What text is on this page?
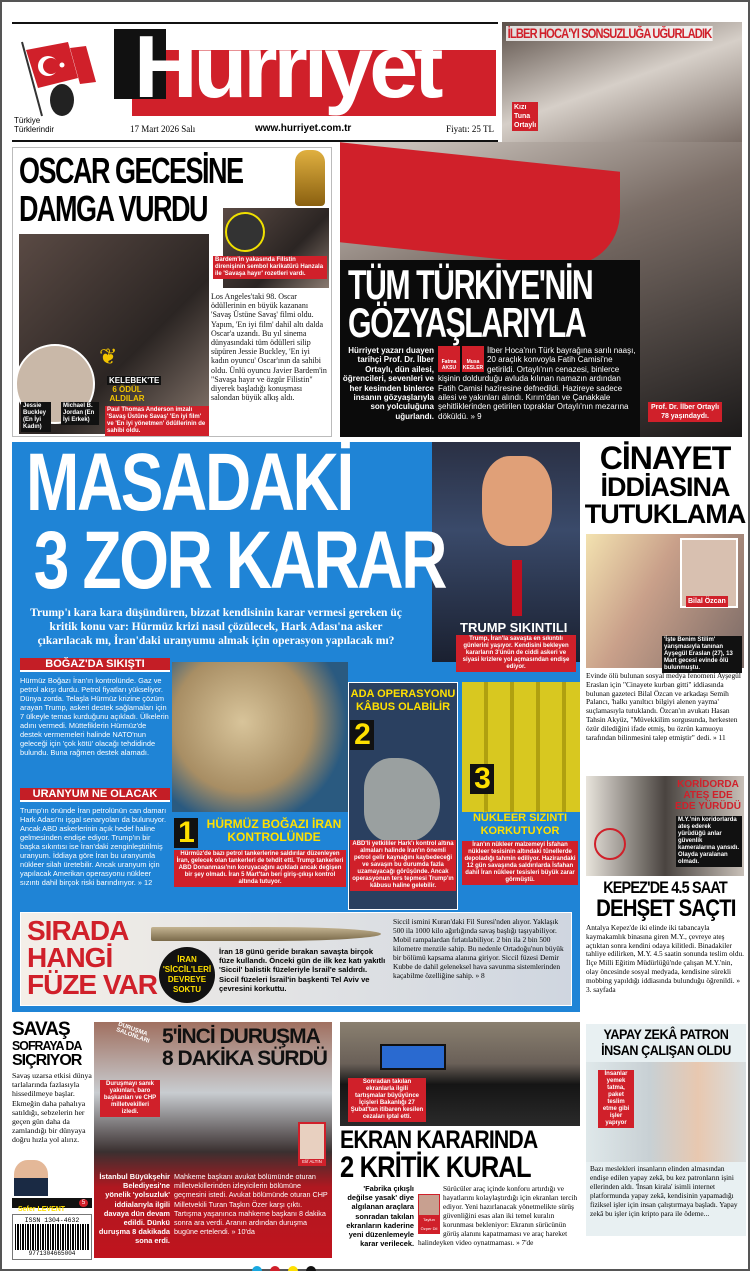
Türkiye Türklerindir
Hürriyet
17 Mart 2026 Salı	www.hurriyet.com.tr	Fiyatı: 25 TL
İLBER HOCA'YI SONSUZLUĞA UĞURLADIK
Kızı Tuna Ortaylı
TÜM TÜRKİYE'NİN
GÖZYAŞLARIYLA
Hürriyet yazarı duayen tarihçi Prof. Dr. İlber Ortaylı, dün ailesi, öğrencileri, sevenleri ve her kesimden binlerce insanın gözyaşlarıyla son yolculuğuna uğurlandı.
Fatma AKSU
Musa KESLER
İlber Hoca'nın Türk bayrağına sarılı naaşı, 20 araçlık konvoyla Fatih Camisi'ne getirildi. Ortaylı'nın cenazesi, binlerce kişinin doldurduğu avluda kılınan namazın ardından Fatih Camisi hazìresine defnedildi. Hazireye sadece ailesi ve yakınları alındı. Kırım'dan ve Çanakkale şehitliklerinden getirilen topraklar Ortaylı'nın mezarına döküldü. » 9
Prof. Dr. İlber Ortaylı 78 yaşındaydı.
OSCAR GECESİNE
DAMGA VURDU
Jessie Buckley (En İyi Kadın)
Michael B. Jordan (En İyi Erkek)
❦
KELEBEK'TE
6 ÖDÜL ALDILAR
Paul Thomas Anderson imzalı 'Savaş Üstüne Savaş' 'En iyi film' ve 'En iyi yönetmen' ödüllerinin de sahibi oldu.
Bardem'in yakasında Filistin direnişinin sembol karikatürü Hanzala ile 'Savaşa hayır' rozetleri vardı.
Los Angeles'taki 98. Oscar ödüllerinin en büyük kazananı 'Savaş Üstüne Savaş' filmi oldu. Yapım, 'En iyi film' dahil altı dalda Oscar'a uzandı. Bu yıl sinema dünyasındaki tüm ödülleri silip süpüren Jessie Buckley, 'En iyi kadın oyuncu' Oscar'ının da sahibi oldu. Ünlü oyuncu Javier Bardem'in "Savaşa hayır ve özgür Filistin" diyerek başladığı konuşması salondan büyük alkış aldı.
MASADAKİ
3 ZOR KARAR
Trump'ı kara kara düşündüren, bizzat kendisinin karar vermesi gereken üç kritik konu var: Hürmüz krizi nasıl çözülecek, Hark Adası'na asker çıkarılacak mı, İran'daki uranyumu almak için operasyon yapılacak mı?
TRUMP SIKINTILI
Trump, İran'la savaşta en sıkıntılı günlerini yaşıyor. Kendisini bekleyen kararların 3'ünün de ciddi askeri ve siyasi krizlere yol açmasından endişe ediyor.
BOĞAZ'DA SIKIŞTI
Hürmüz Boğazı İran'ın kontrolünde. Gaz ve petrol akışı durdu. Petrol fiyatları yükseliyor. Dünya zorda. Telaşla Hürmüz krizine çözüm arayan Trump, askeri destek sağlamaları için 7 ülkeyle temas kurduğunu açıkladı. Ülkelerin adını vermedi. Müttefiklerin Hürmüz'de destek vermemeleri halinde NATO'nun geleceği için 'çok kötü' olacağı tehdidinde bulundu. Buna rağmen destek alamadı.
URANYUM NE OLACAK
Trump'ın önünde İran petrolünün can damarı Hark Adası'nı işgal senaryoları da bulunuyor. Ancak ABD askerlerinin açık hedef haline gelmesinden endişe ediyor. Trump'ın bir başka sıkıntısı ise İran'daki zenginleştirilmiş uranyum. İddiaya göre İran bu uranyumla nükleer silah üretebilir. Ancak uranyum için yapılacak Amerikan operasyonu nükleer sızıntı dahil birçok riski barındırıyor. » 12
1	HÜRMÜZ BOĞAZI İRAN KONTROLÜNDE
Hürmüz'de bazı petrol tankerlerine saldırılar düzenleyen İran, gelecek olan tankerleri de tehdit etti. Trump tankerleri ABD Donanması'nın koruyacağını açıkladı ancak değişen bir şey olmadı. İran 5 Mart'tan beri giriş-çıkışı kontrol altında tutuyor.
ADA OPERASYONU KÂBUS OLABİLİR
2
ABD'li yetkililer Hark'ı kontrol altına almaları halinde İran'ın önemli petrol gelir kaynağını kaybedeceği ve savaşın bu durumda fazla uzamayacağı görüşünde. Ancak operasyonun ters tepmesi Trump'ın kâbusu haline gelebilir.
3
NÜKLEER SIZINTI KORKUTUYOR
İran'ın nükleer malzemeyi İsfahan nükleer tesisinin altındaki tünellerde depoladığı tahmin ediliyor. Hazirandaki 12 gün savaşında saldırılarda İsfahan dahil İran nükleer tesisleri büyük zarar görmüştü.
SIRADA
HANGİ
FÜZE VAR
İRAN 'SİCCİL'LERİ DEVREYE SOKTU
İran 18 günü geride bırakan savaşta birçok füze kullandı. Önceki gün de ilk kez katı yakıtlı 'Siccil' balistik füzeleriyle İsrail'e saldırdı. Siccil füzeleri İsrail'in başkenti Tel Aviv ve çevresini korkuttu.
Siccil ismini Kuran'daki Fil Suresi'nden alıyor. Yaklaşık 500 ila 1000 kilo ağırlığında savaş başlığı taşıyabiliyor. Mobil rampalardan fırlatılabiliyor. 2 bin ila 2 bin 500 kilometre menzile sahip. Bu nedenle Ortadoğu'nun büyük bir bölümü kapsama alanına giriyor. Siccil füzesi Demir Kubbe de dahil geleneksel hava savunma sistemlerinden kaçabilme özelliğine sahip. » 8
CİNAYET
İDDİASINA
TUTUKLAMA
Bilal Özcan
'İşte Benim Stilim' yarışmasıyla tanınan Ayşegül Eraslan (27), 13 Mart gecesi evinde ölü bulunmuştu.
Evinde ölü bulunan sosyal medya fenomeni Ayşegül Eraslan için "Cinayete kurban gitti" iddiasında bulunan gazeteci Bilal Özcan ve arkadaşı Semih Palancı, 'halkı yanıltıcı bilgiyi alenen yayma' suçlamasıyla tutuklandı. Özcan'ın avukatı Hasan Tahsin Akyüz, "Müvekkilim sorgusunda, herkesten özür dilediğini ifade etmiş, bu özrün kamuoyu tarafından bilinmesini talep etmiştir" dedi. » 11
KORİDORDA ATEŞ EDE EDE YÜRÜDÜ
M.Y.'nin koridorlarda ateş ederek yürüdüğü anlar güvenlik kameralarına yansıdı. Olayda yaralanan olmadı.
KEPEZ'DE 4.5 SAAT
DEHŞET SAÇTI
Antalya Kepez'de iki elinde iki tabancayla kaymakamlık binasına giren M.Y., çevreye ateş açtıktan sonra kendini odaya kilitledi. Binadakiler tahliye edilirken, M.Y. 4.5 saatin sonunda teslim oldu. İlçe Milli Eğitim Müdürlüğü'nde çalışan M.Y.'nin, olay öncesinde sosyal medyada, kendisine sürekli mobbing yapıldığı iddiasında bulunduğu öğrenildi. » 3. sayfada
SAVAŞ
SOFRAYA DA
SIÇRIYOR
Savaş uzarsa etkisi dünya tarlalarında fazlasıyla hissedilmeye başlar. Ekmeğin daha pahalıya satıldığı, sebzelerin her geçen gün daha da zamlandığı bir dünyaya doğru hızla yol alırız.
Sefer LEVENT
5
ISSN 1304-4632
9771304665004
DURUŞMA SALONLARI 5'İNCİ DURUŞMA
8 DAKİKA SÜRDÜ
Duruşmayı sanık yakınları, baro başkanları ve CHP milletvekilleri izledi.
Elif ALTIN
İstanbul Büyükşehir Belediyesi'ne yönelik 'yolsuzluk' iddialarıyla ilgili davaya dün devam edildi. Dünkü duruşma 8 dakikada sona erdi.
Mahkeme başkanı avukat bölümünde oturan milletvekillerinden izleyicilerin bölümüne geçmesini istedi. Avukat bölümünde oturan CHP Milletvekili Turan Taşkın Özer karşı çıktı. Tartışma yaşanınca mahkeme başkanı 8 dakika sonra ara verdi. Aranın ardından duruşma bugüne ertelendi. » 10'da
Sonradan takılan ekranlarla ilgili tartışmalar büyüyünce İçişleri Bakanlığı 27 Şubat'tan itibaren kesilen cezaları iptal etti.
EKRAN KARARINDA
2 KRİTİK KURAL
'Fabrika çıkışlı değilse yasak' diye algılanan araçlara sonradan takılan ekranların kaderine yeni düzenlemeyle karar verilecek.
Tayfun Özper Dil
Sürücüler araç içinde konforu artırdığı ve hayatlarını kolaylaştırdığı için ekranları tercih ediyor. Yeni hazırlanacak yönetmelikte sürüş güvenliğini esas alan iki temel kuralın korunması bekleniyor: Ekranın sürücünün görüş alanını kapatmaması ve araç hareket halindeyken video oynatmaması. » 7'de
YAPAY ZEKÂ PATRON
İNSAN ÇALIŞAN OLDU
İnsanlar yemek tatma, paket teslim etme gibi işler yapıyor
Bazı meslekleri insanların elinden almasından endişe edilen yapay zekâ, bu kez patronların işini ellerinden aldı. 'İnsan kirala' isimli internet platformunda yapay zekâ, kendisinin yapamadığı fiziksel işler için insan çalıştırmaya başladı. Yapay zekâ bu işler için kripto para ile ödeme...
